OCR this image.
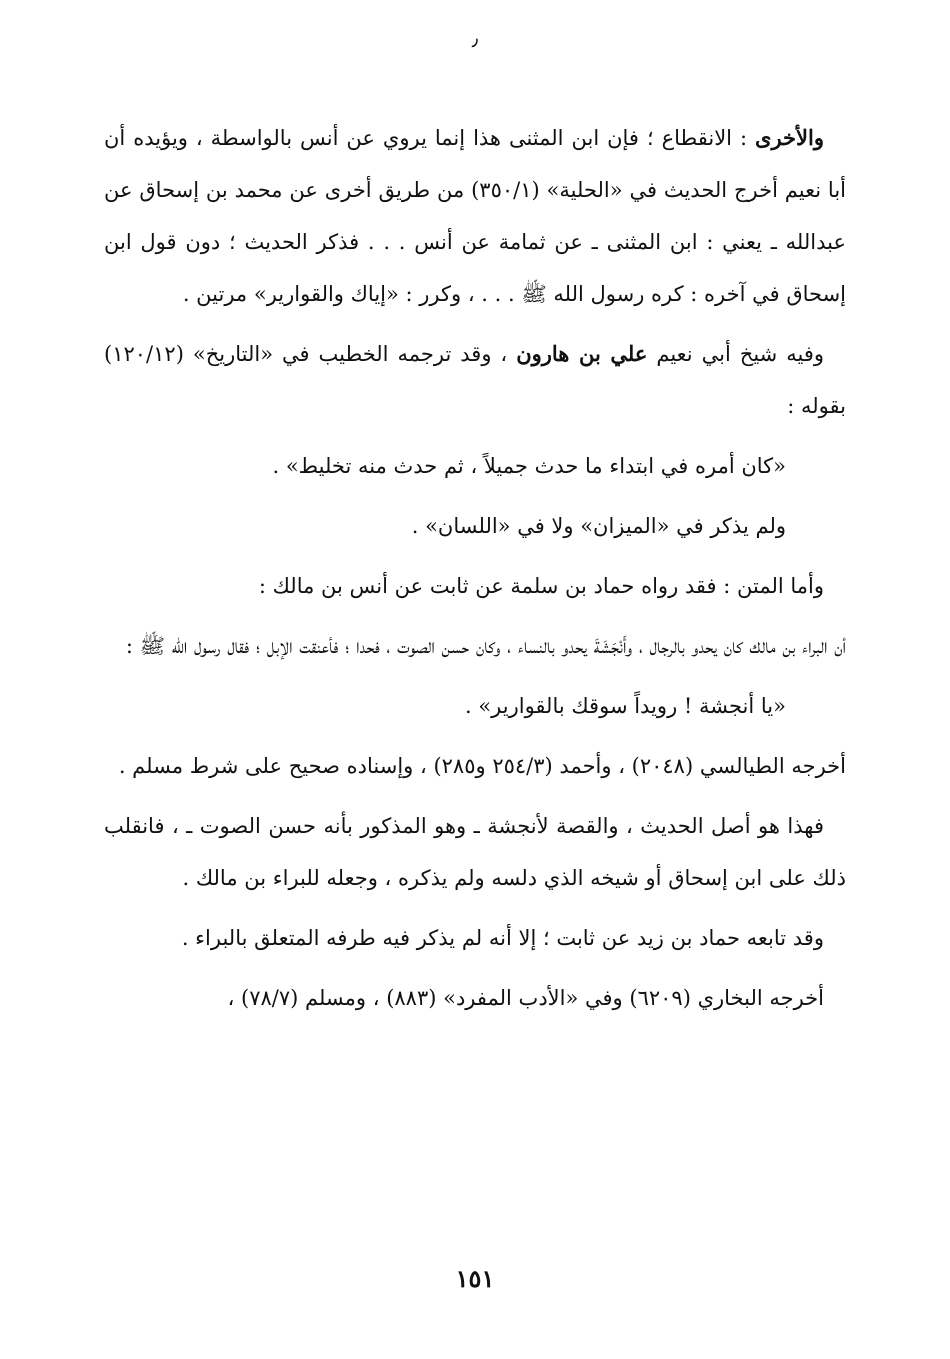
٫

والأخرى : الانقطاع ؛ فإن ابن المثنى هذا إنما يروي عن أنس بالواسطة ، ويؤيده أن أبا نعيم أخرج الحديث في «الحلية» (٣٥٠/١) من طريق أخرى عن محمد بن إسحاق عن عبدالله ـ يعني : ابن المثنى ـ عن ثمامة عن أنس . . . فذكر الحديث ؛ دون قول ابن إسحاق في آخره : كره رسول الله ﷺ . . . ، وكرر : «إياك والقوارير» مرتين .

وفيه شيخ أبي نعيم علي بن هارون ، وقد ترجمه الخطيب في «التاريخ» (١٢٠/١٢) بقوله :

«كان أمره في ابتداء ما حدث جميلاً ، ثم حدث منه تخليط» .

ولم يذكر في «الميزان» ولا في «اللسان» .

وأما المتن : فقد رواه حماد بن سلمة عن ثابت عن أنس بن مالك :

أن البراء بن مالك كان يحدو بالرجال ، وأَنْجَشَةَ يحدو بالنساء ، وكان حسن الصوت ، فحدا ؛ فأعنقت الإبل ؛ فقال رسول الله ﷺ :

«يا أنجشة ! رويداً سوقك بالقوارير» .

أخرجه الطيالسي (٢٠٤٨) ، وأحمد (٢٥٤/٣ و٢٨٥) ، وإسناده صحيح على شرط مسلم .

فهذا هو أصل الحديث ، والقصة لأنجشة ـ وهو المذكور بأنه حسن الصوت ـ ، فانقلب ذلك على ابن إسحاق أو شيخه الذي دلسه ولم يذكره ، وجعله للبراء بن مالك .

وقد تابعه حماد بن زيد عن ثابت ؛ إلا أنه لم يذكر فيه طرفه المتعلق بالبراء .

أخرجه البخاري (٦٢٠٩) وفي «الأدب المفرد» (٨٨٣) ، ومسلم (٧٨/٧) ،

١٥١
